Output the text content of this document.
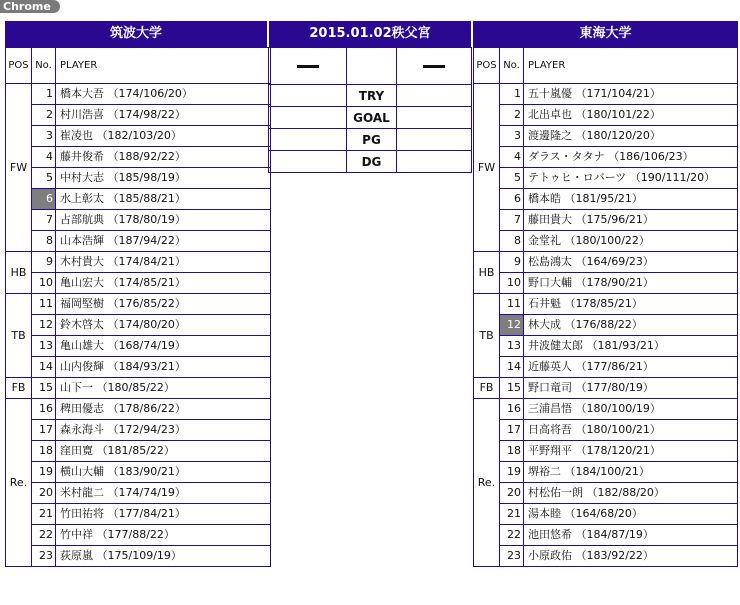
Chrome
筑波大学	2015.01.02秩父宮	東海大学
POS	No.	PLAYER
FW	1	橋本大吾 （174/106/20）
	2	村川浩喜 （174/98/22）
	3	崔凌也 （182/103/20）
	4	藤井俊希 （188/92/22）
	5	中村大志 （185/98/19）
	6	水上彰太 （185/88/21）
	7	占部航典 （178/80/19）
	8	山本浩輝 （187/94/22）
HB	9	木村貴大 （174/84/21）
	10	亀山宏大 （174/85/21）
TB	11	福岡堅樹 （176/85/22）
	12	鈴木啓太 （174/80/20）
	13	亀山雄大 （168/74/19）
	14	山内俊輝 （184/93/21）
FB	15	山下一 （180/85/22）
Re.	16	稗田優志 （178/86/22）
	17	森永海斗 （172/94/23）
	18	窪田寛 （181/85/22）
	19	横山大輔 （183/90/21）
	20	米村龍二 （174/74/19）
	21	竹田祐将 （177/84/21）
	22	竹中祥 （177/88/22）
	23	荻原嵐 （175/109/19）

	TRY	
	GOAL	
	PG	
	DG	
POS	No.	PLAYER
FW	1	五十嵐優 （171/104/21）
	2	北出卓也 （180/101/22）
	3	渡邊隆之 （180/120/20）
	4	ダラス・タタナ （186/106/23）
	5	テトゥヒ・ロバーツ （190/111/20）
	6	橋本皓 （181/95/21）
	7	藤田貴大 （175/96/21）
	8	金堂礼 （180/100/22）
HB	9	松島鴻太 （164/69/23）
	10	野口大輔 （178/90/21）
TB	11	石井魁 （178/85/21）
	12	林大成 （176/88/22）
	13	井波健太郎 （181/93/21）
	14	近藤英人 （177/86/21）
FB	15	野口竜司 （177/80/19）
Re.	16	三浦昌悟 （180/100/19）
	17	日高将吾 （180/100/21）
	18	平野翔平 （178/120/21）
	19	堺裕二 （184/100/21）
	20	村松佑一朗 （182/88/20）
	21	湯本睦 （164/68/20）
	22	池田悠希 （184/87/19）
	23	小原政佑 （183/92/22）
